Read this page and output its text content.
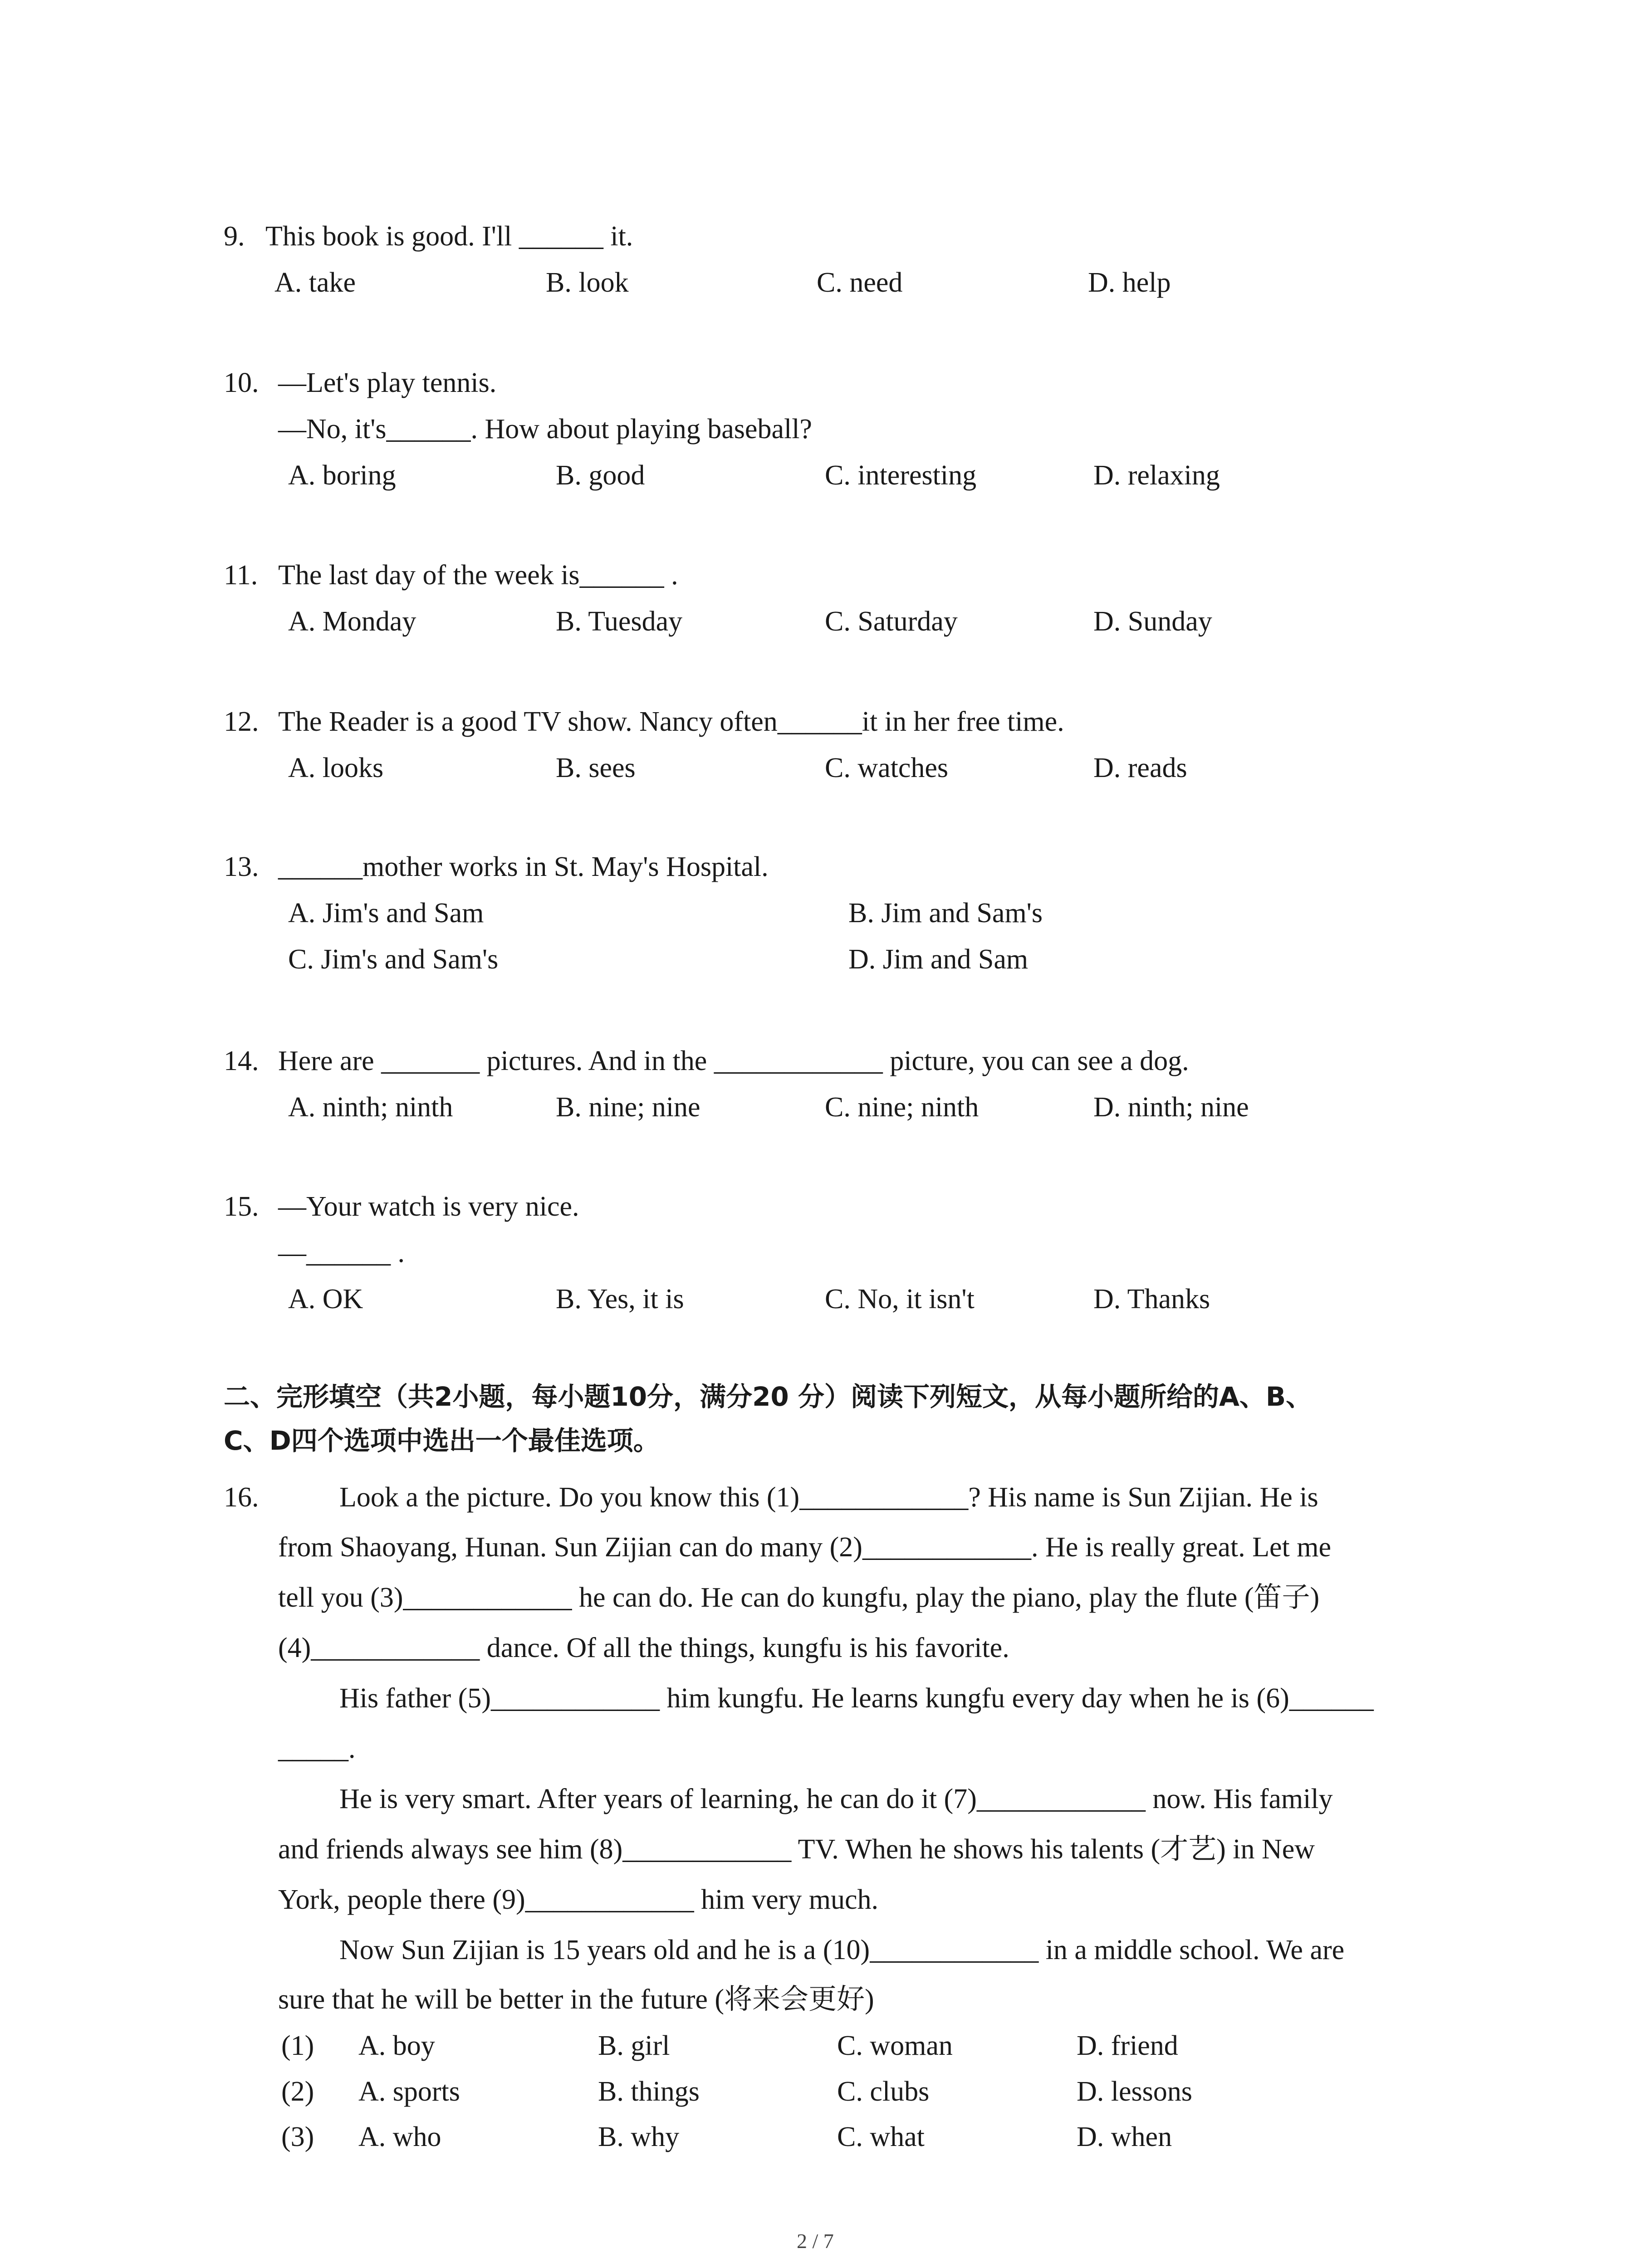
9. This book is good. I'll ______ it.
A. take	B. look	C. need	D. help
10. —Let's play tennis.
—No, it's______. How about playing baseball?
A. boring	B. good	C. interesting	D. relaxing
11. The last day of the week is______ .
A. Monday	B. Tuesday	C. Saturday	D. Sunday
12. The Reader is a good TV show. Nancy often______it in her free time.
A. looks	B. sees	C. watches	D. reads
13. ______mother works in St. May's Hospital.
A. Jim's and Sam	B. Jim and Sam's
C. Jim's and Sam's	D. Jim and Sam
14. Here are _______ pictures. And in the ____________ picture, you can see a dog.
A. ninth; ninth	B. nine; nine	C. nine; ninth	D. ninth; nine
15. —Your watch is very nice.
—______ .
A. OK	B. Yes, it is	C. No, it isn't	D. Thanks
二、完形填空（共2小题，每小题10分，满分20 分）阅读下列短文，从每小题所给的A、B、
C、D四个选项中选出一个最佳选项。
16.	Look a the picture. Do you know this (1)____________? His name is Sun Zijian. He is
from Shaoyang, Hunan. Sun Zijian can do many (2)____________. He is really great. Let me
tell you (3)____________ he can do. He can do kungfu, play the piano, play the flute (笛子)
(4)____________ dance. Of all the things, kungfu is his favorite.
His father (5)____________ him kungfu. He learns kungfu every day when he is (6)______
_____.
He is very smart. After years of learning, he can do it (7)____________ now. His family
and friends always see him (8)____________ TV. When he shows his talents (才艺) in New
York, people there (9)____________ him very much.
Now Sun Zijian is 15 years old and he is a (10)____________ in a middle school. We are
sure that he will be better in the future (将来会更好)
(1) A. boy	B. girl	C. woman	D. friend
(2) A. sports	B. things	C. clubs	D. lessons
(3) A. who	B. why	C. what	D. when
2 / 7
